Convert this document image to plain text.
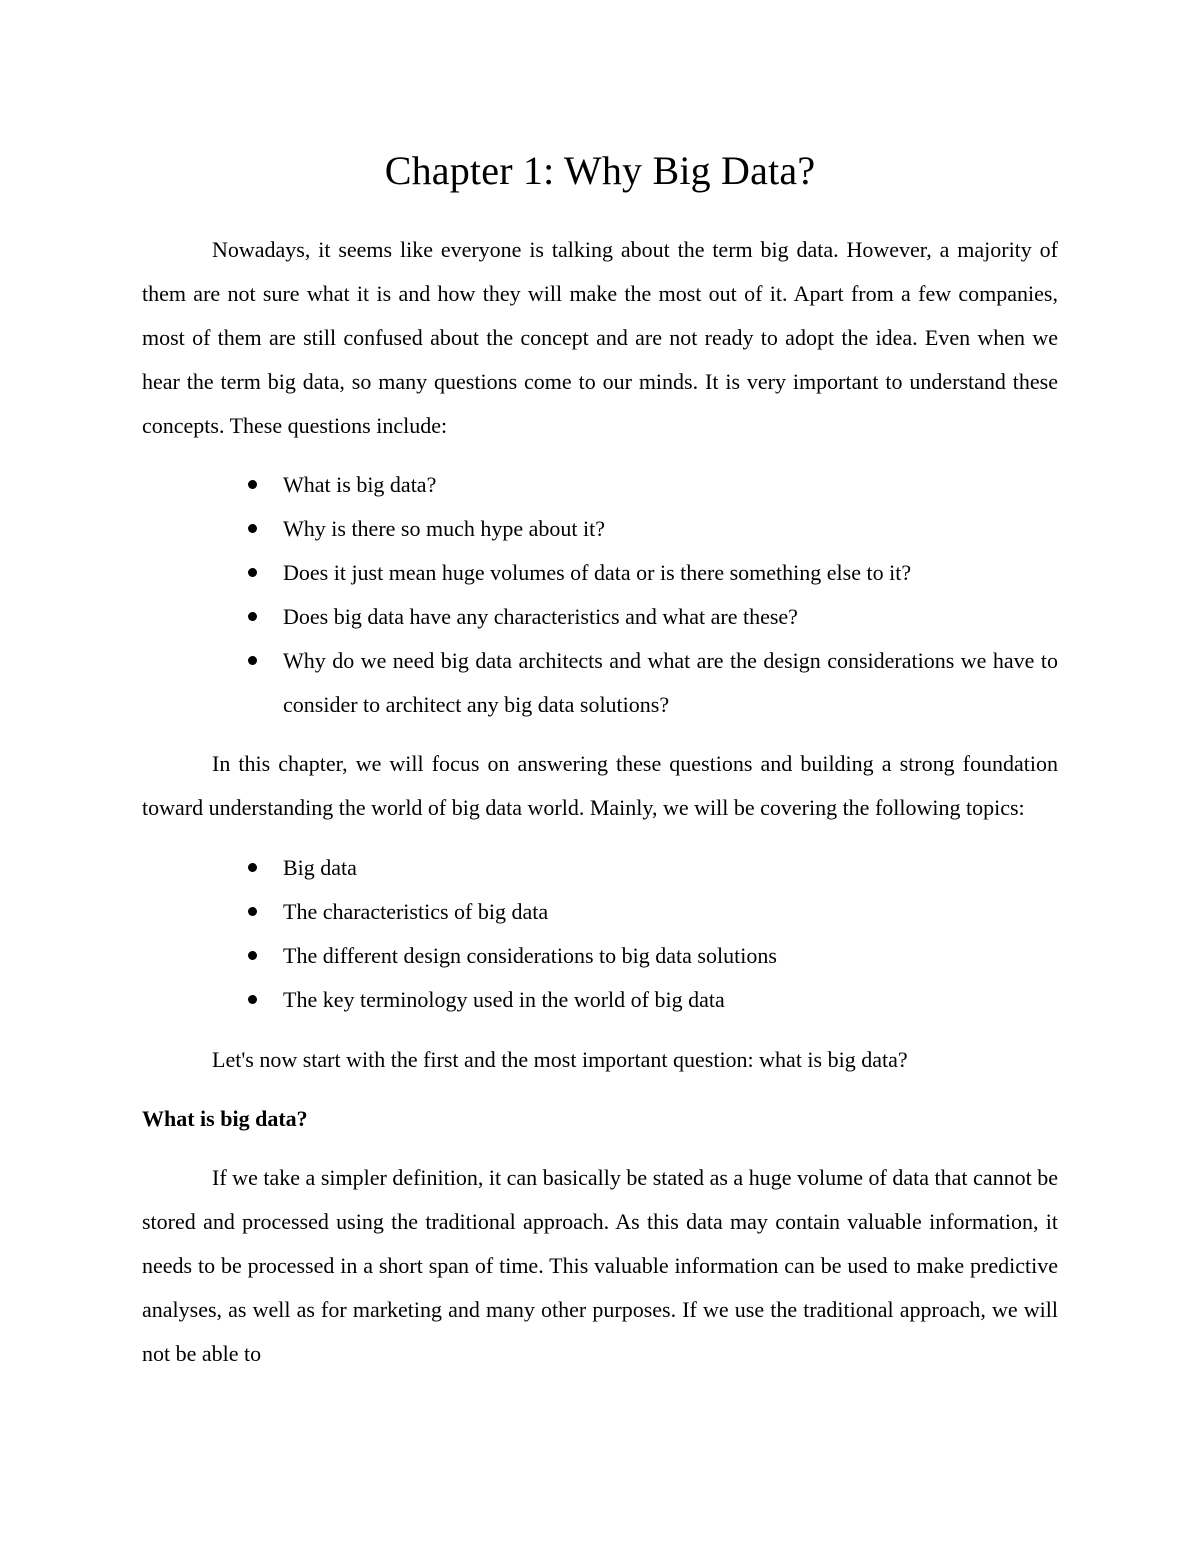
Chapter 1: Why Big Data?

Nowadays, it seems like everyone is talking about the term big data. However, a majority of them are not sure what it is and how they will make the most out of it. Apart from a few companies, most of them are still confused about the concept and are not ready to adopt the idea. Even when we hear the term big data, so many questions come to our minds. It is very important to understand these concepts. These questions include:

What is big data?
Why is there so much hype about it?
Does it just mean huge volumes of data or is there something else to it?
Does big data have any characteristics and what are these?
Why do we need big data architects and what are the design considerations we have to consider to architect any big data solutions?

In this chapter, we will focus on answering these questions and building a strong foundation toward understanding the world of big data world. Mainly, we will be covering the following topics:

Big data
The characteristics of big data
The different design considerations to big data solutions
The key terminology used in the world of big data

Let's now start with the first and the most important question: what is big data?

What is big data?

If we take a simpler definition, it can basically be stated as a huge volume of data that cannot be stored and processed using the traditional approach. As this data may contain valuable information, it needs to be processed in a short span of time. This valuable information can be used to make predictive analyses, as well as for marketing and many other purposes. If we use the traditional approach, we will not be able to
